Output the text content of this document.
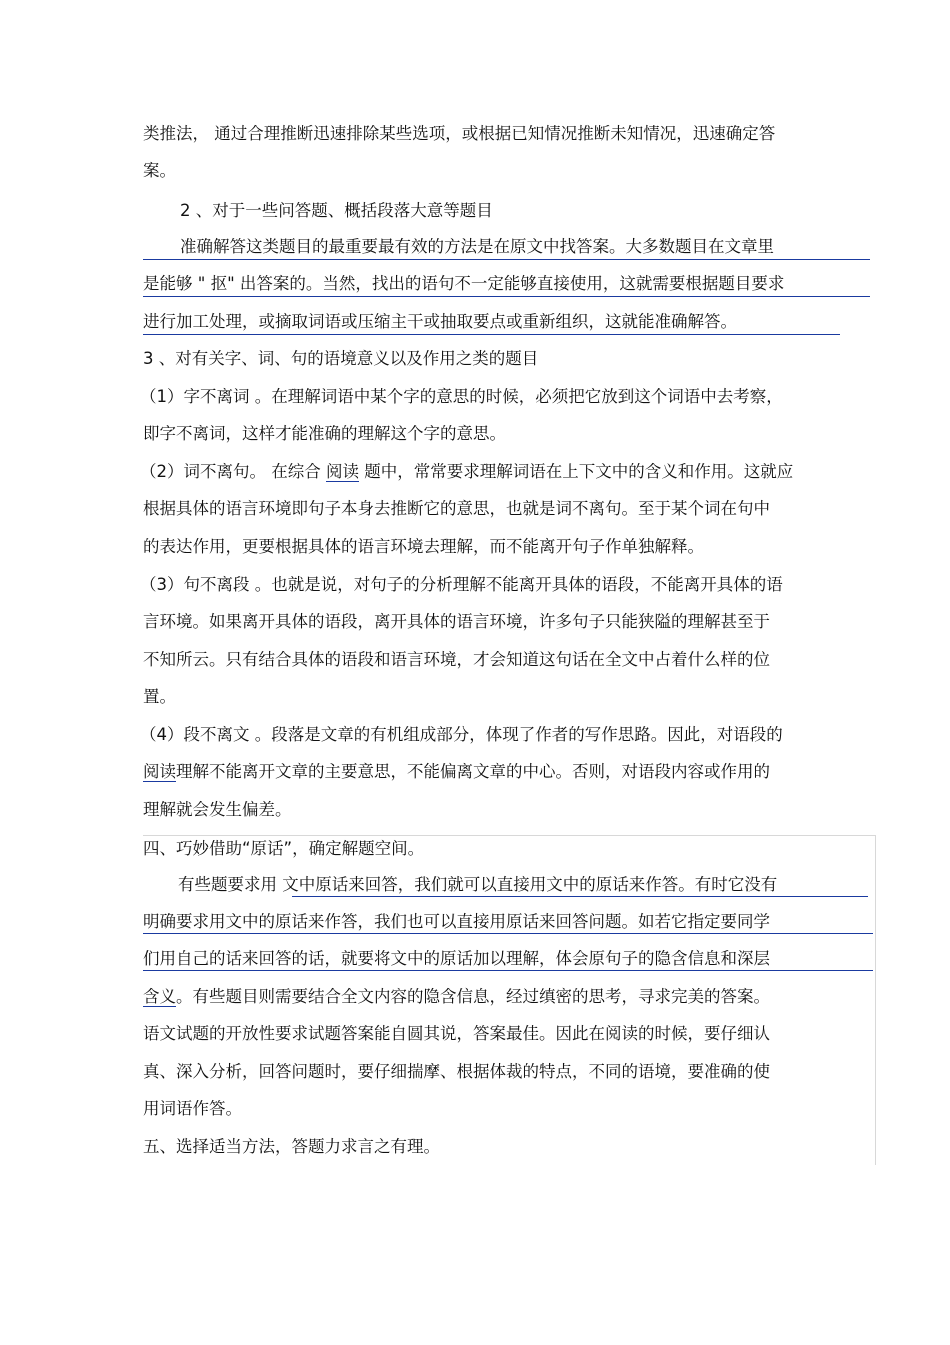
类推法， 通过合理推断迅速排除某些选项，或根据已知情况推断未知情况，迅速确定答
案。
2 、对于一些问答题、概括段落大意等题目
准确解答这类题目的最重要最有效的方法是在原文中找答案。大多数题目在文章里
是能够 " 抠" 出答案的。当然，找出的语句不一定能够直接使用，这就需要根据题目要求
进行加工处理，或摘取词语或压缩主干或抽取要点或重新组织，这就能准确解答。
3 、对有关字、词、句的语境意义以及作用之类的题目
（1）字不离词 。在理解词语中某个字的意思的时候，必须把它放到这个词语中去考察，
即字不离词，这样才能准确的理解这个字的意思。
（2）词不离句。 在综合 阅读 题中，常常要求理解词语在上下文中的含义和作用。这就应
根据具体的语言环境即句子本身去推断它的意思，也就是词不离句。至于某个词在句中
的表达作用，更要根据具体的语言环境去理解，而不能离开句子作单独解释。
（3）句不离段 。也就是说，对句子的分析理解不能离开具体的语段，不能离开具体的语
言环境。如果离开具体的语段，离开具体的语言环境，许多句子只能狭隘的理解甚至于
不知所云。只有结合具体的语段和语言环境，才会知道这句话在全文中占着什么样的位
置。
（4）段不离文 。段落是文章的有机组成部分，体现了作者的写作思路。因此，对语段的
阅读理解不能离开文章的主要意思，不能偏离文章的中心。否则，对语段内容或作用的
理解就会发生偏差。
四、巧妙借助“原话”，确定解题空间。
有些题要求用 文中原话来回答，我们就可以直接用文中的原话来作答。有时它没有
明确要求用文中的原话来作答，我们也可以直接用原话来回答问题。如若它指定要同学
们用自己的话来回答的话，就要将文中的原话加以理解，体会原句子的隐含信息和深层
含义。有些题目则需要结合全文内容的隐含信息，经过缜密的思考，寻求完美的答案。
语文试题的开放性要求试题答案能自圆其说，答案最佳。因此在阅读的时候，要仔细认
真、深入分析，回答问题时，要仔细揣摩、根据体裁的特点，不同的语境，要准确的使
用词语作答。
五、选择适当方法，答题力求言之有理。
